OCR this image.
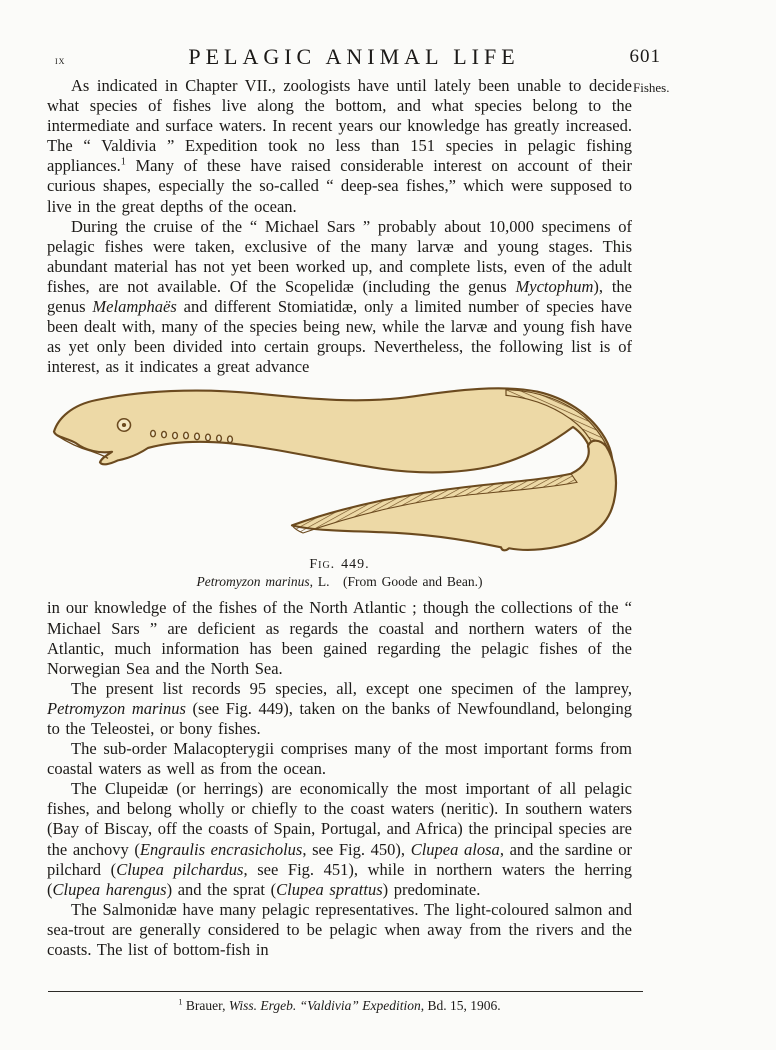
ix	PELAGIC ANIMAL LIFE	601
Fishes.

As indicated in Chapter VII., zoologists have until lately been unable to decide what species of fishes live along the bottom, and what species belong to the intermediate and surface waters. In recent years our knowledge has greatly increased. The “ Valdivia ” Expedition took no less than 151 species in pelagic fishing appliances.$^1$ Many of these have raised considerable interest on account of their curious shapes, especially the so-called “ deep-sea fishes,” which were supposed to live in the great depths of the ocean.

During the cruise of the “ Michael Sars ” probably about 10,000 specimens of pelagic fishes were taken, exclusive of the many larvæ and young stages. This abundant material has not yet been worked up, and complete lists, even of the adult fishes, are not available. Of the Scopelidæ (including the genus Myctophum), the genus Melamphaës and different Stomiatidæ, only a limited number of species have been dealt with, many of the species being new, while the larvæ and young fish have as yet only been divided into certain groups. Nevertheless, the following list is of interest, as it indicates a great advance

Fig. 449.

Petromyzon marinus, L.  (From Goode and Bean.)

in our knowledge of the fishes of the North Atlantic ; though the collections of the “ Michael Sars ” are deficient as regards the coastal and northern waters of the Atlantic, much information has been gained regarding the pelagic fishes of the Norwegian Sea and the North Sea.

The present list records 95 species, all, except one specimen of the lamprey, Petromyzon marinus (see Fig. 449), taken on the banks of Newfoundland, belonging to the Teleostei, or bony fishes.

The sub-order Malacopterygii comprises many of the most important forms from coastal waters as well as from the ocean.

The Clupeidæ (or herrings) are economically the most important of all pelagic fishes, and belong wholly or chiefly to the coast waters (neritic). In southern waters (Bay of Biscay, off the coasts of Spain, Portugal, and Africa) the principal species are the anchovy (Engraulis encrasicholus, see Fig. 450), Clupea alosa, and the sardine or pilchard (Clupea pilchardus, see Fig. 451), while in northern waters the herring (Clupea harengus) and the sprat (Clupea sprattus) predominate.

The Salmonidæ have many pelagic representatives. The light-coloured salmon and sea-trout are generally considered to be pelagic when away from the rivers and the coasts. The list of bottom-fish in

$^1$ Brauer, Wiss. Ergeb. “Valdivia” Expedition, Bd. 15, 1906.
